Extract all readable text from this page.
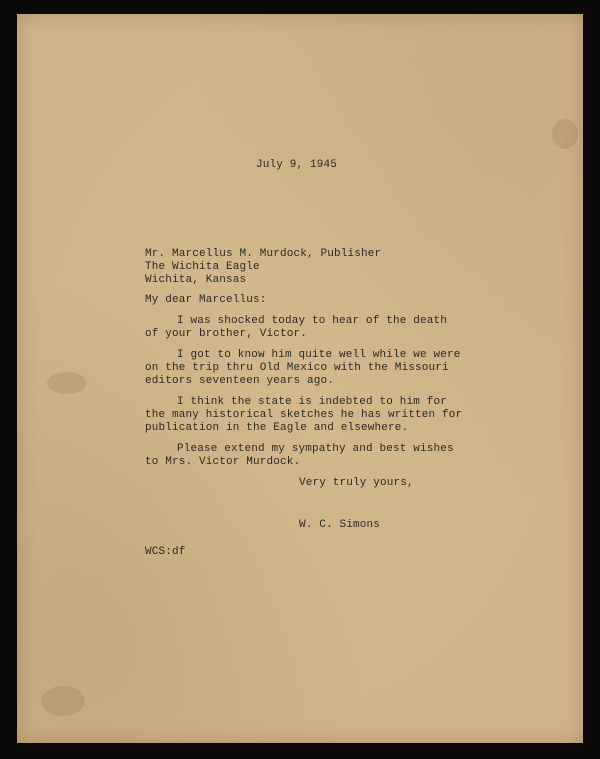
July 9, 1945

Mr. Marcellus M. Murdock, Publisher

The Wichita Eagle

Wichita, Kansas

My dear Marcellus:

I was shocked today to hear of the death

of your brother, Victor.

I got to know him quite well while we were

on the trip thru Old Mexico with the Missouri

editors seventeen years ago.

I think the state is indebted to him for

the many historical sketches he has written for

publication in the Eagle and elsewhere.

Please extend my sympathy and best wishes

to Mrs. Victor Murdock.

Very truly yours,

W. C. Simons

WCS:df
